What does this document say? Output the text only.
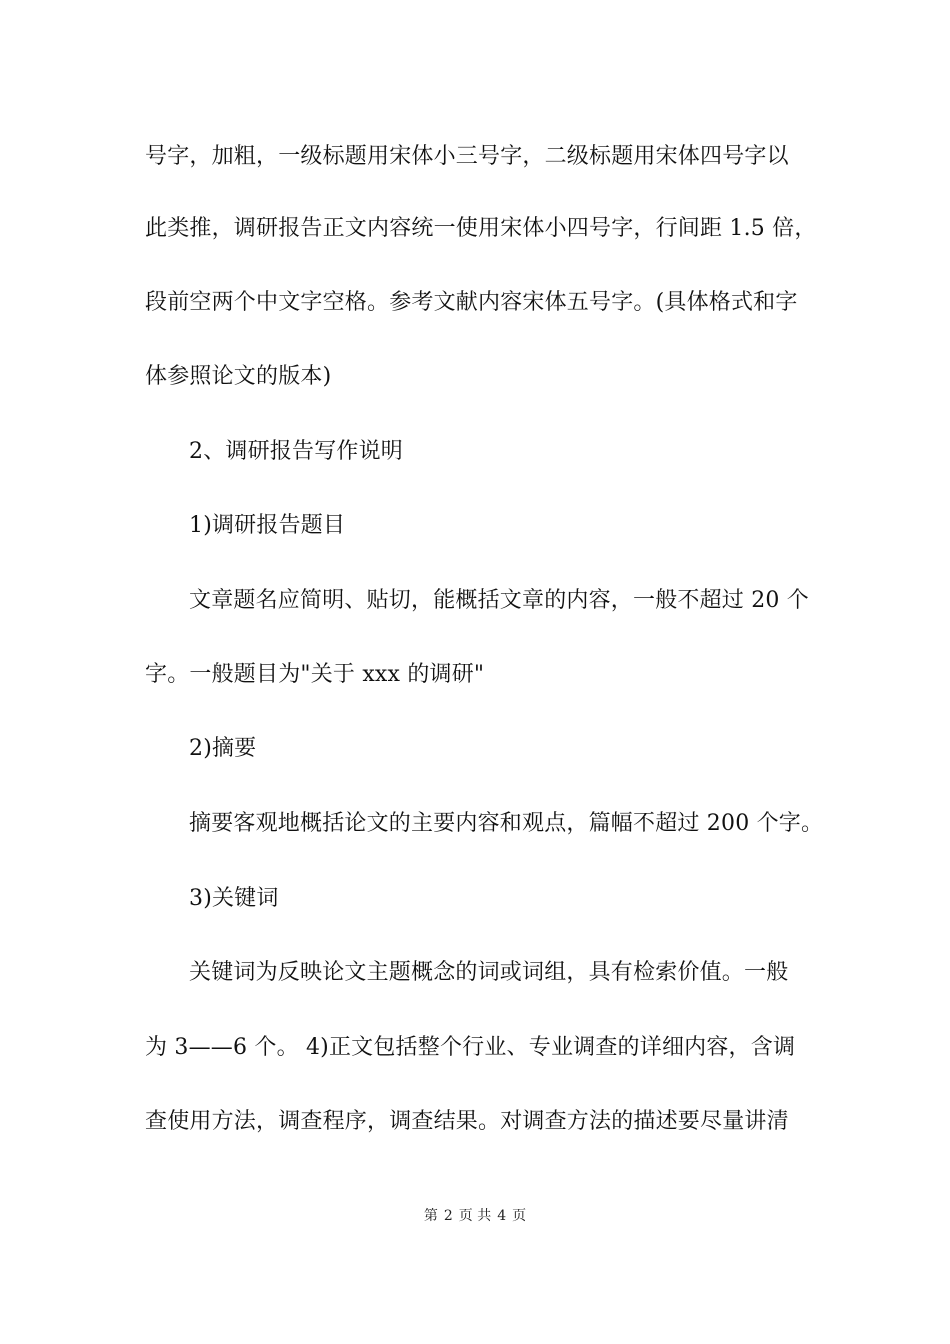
号字，加粗，一级标题用宋体小三号字，二级标题用宋体四号字以
此类推，调研报告正文内容统一使用宋体小四号字，行间距 1.5 倍，
段前空两个中文字空格。参考文献内容宋体五号字。(具体格式和字
体参照论文的版本)
2、调研报告写作说明
1)调研报告题目
文章题名应简明、贴切，能概括文章的内容，一般不超过 20 个
字。一般题目为"关于 xxx 的调研"
2)摘要
摘要客观地概括论文的主要内容和观点，篇幅不超过 200 个字。
3)关键词
关键词为反映论文主题概念的词或词组，具有检索价值。一般
为 3——6 个。 4)正文包括整个行业、专业调查的详细内容，含调
查使用方法，调查程序，调查结果。对调查方法的描述要尽量讲清
第 2 页 共 4 页
